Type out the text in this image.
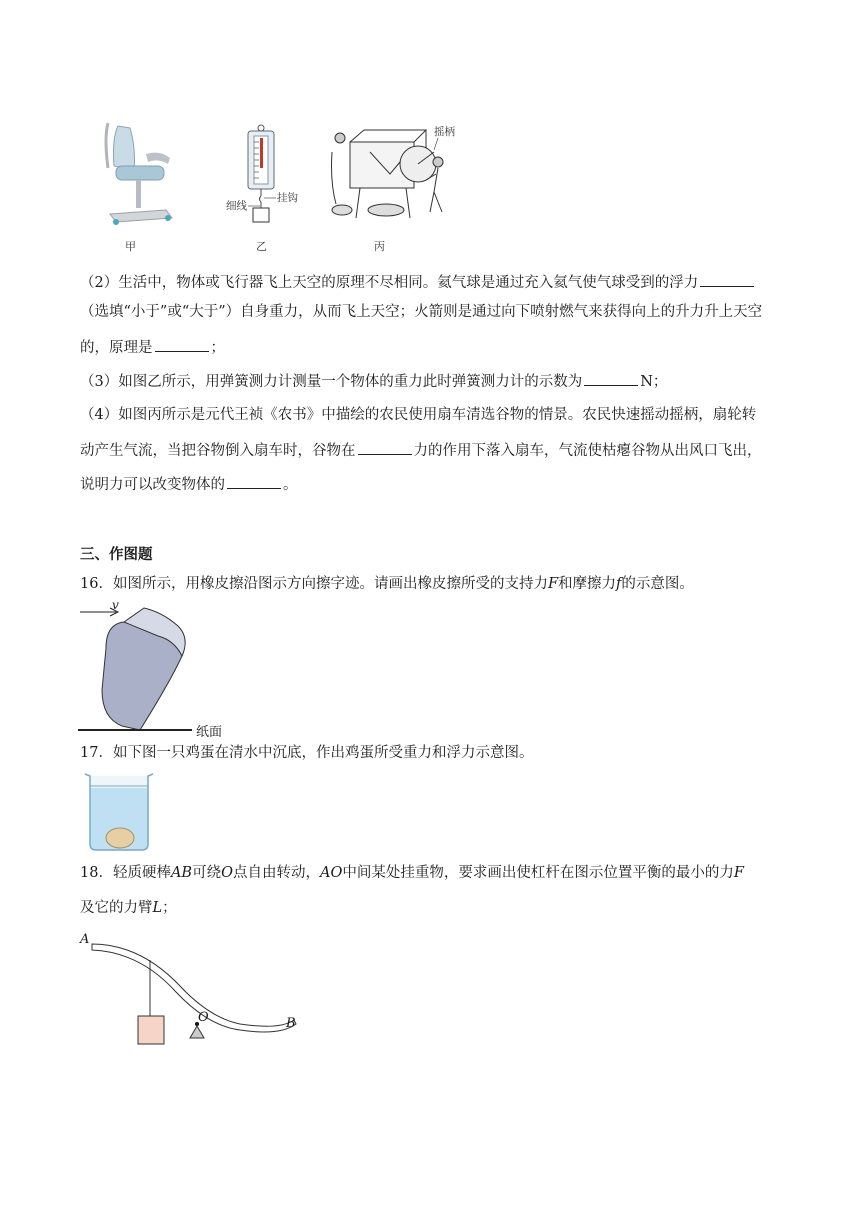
细线
挂钩
摇柄
甲	乙	丙
（2）生活中，物体或飞行器飞上天空的原理不尽相同。氦气球是通过充入氦气使气球受到的浮力
（选填“小于”或“大于”）自身重力，从而飞上天空；火箭则是通过向下喷射燃气来获得向上的升力升上天空
的，原理是	；
（3）如图乙所示，用弹簧测力计测量一个物体的重力此时弹簧测力计的示数为	N；
（4）如图丙所示是元代王祯《农书》中描绘的农民使用扇车清选谷物的情景。农民快速摇动摇柄，扇轮转
动产生气流，当把谷物倒入扇车时，谷物在	力的作用下落入扇车，气流使枯瘪谷物从出风口飞出，
说明力可以改变物体的	。
三、作图题
16．如图所示，用橡皮擦沿图示方向擦字迹。请画出橡皮擦所受的支持力F和摩擦力f的示意图。
v
纸面
17．如下图一只鸡蛋在清水中沉底，作出鸡蛋所受重力和浮力示意图。
18．轻质硬棒AB可绕O点自由转动，AO中间某处挂重物，要求画出使杠杆在图示位置平衡的最小的力F
及它的力臂L；
A
O	B
